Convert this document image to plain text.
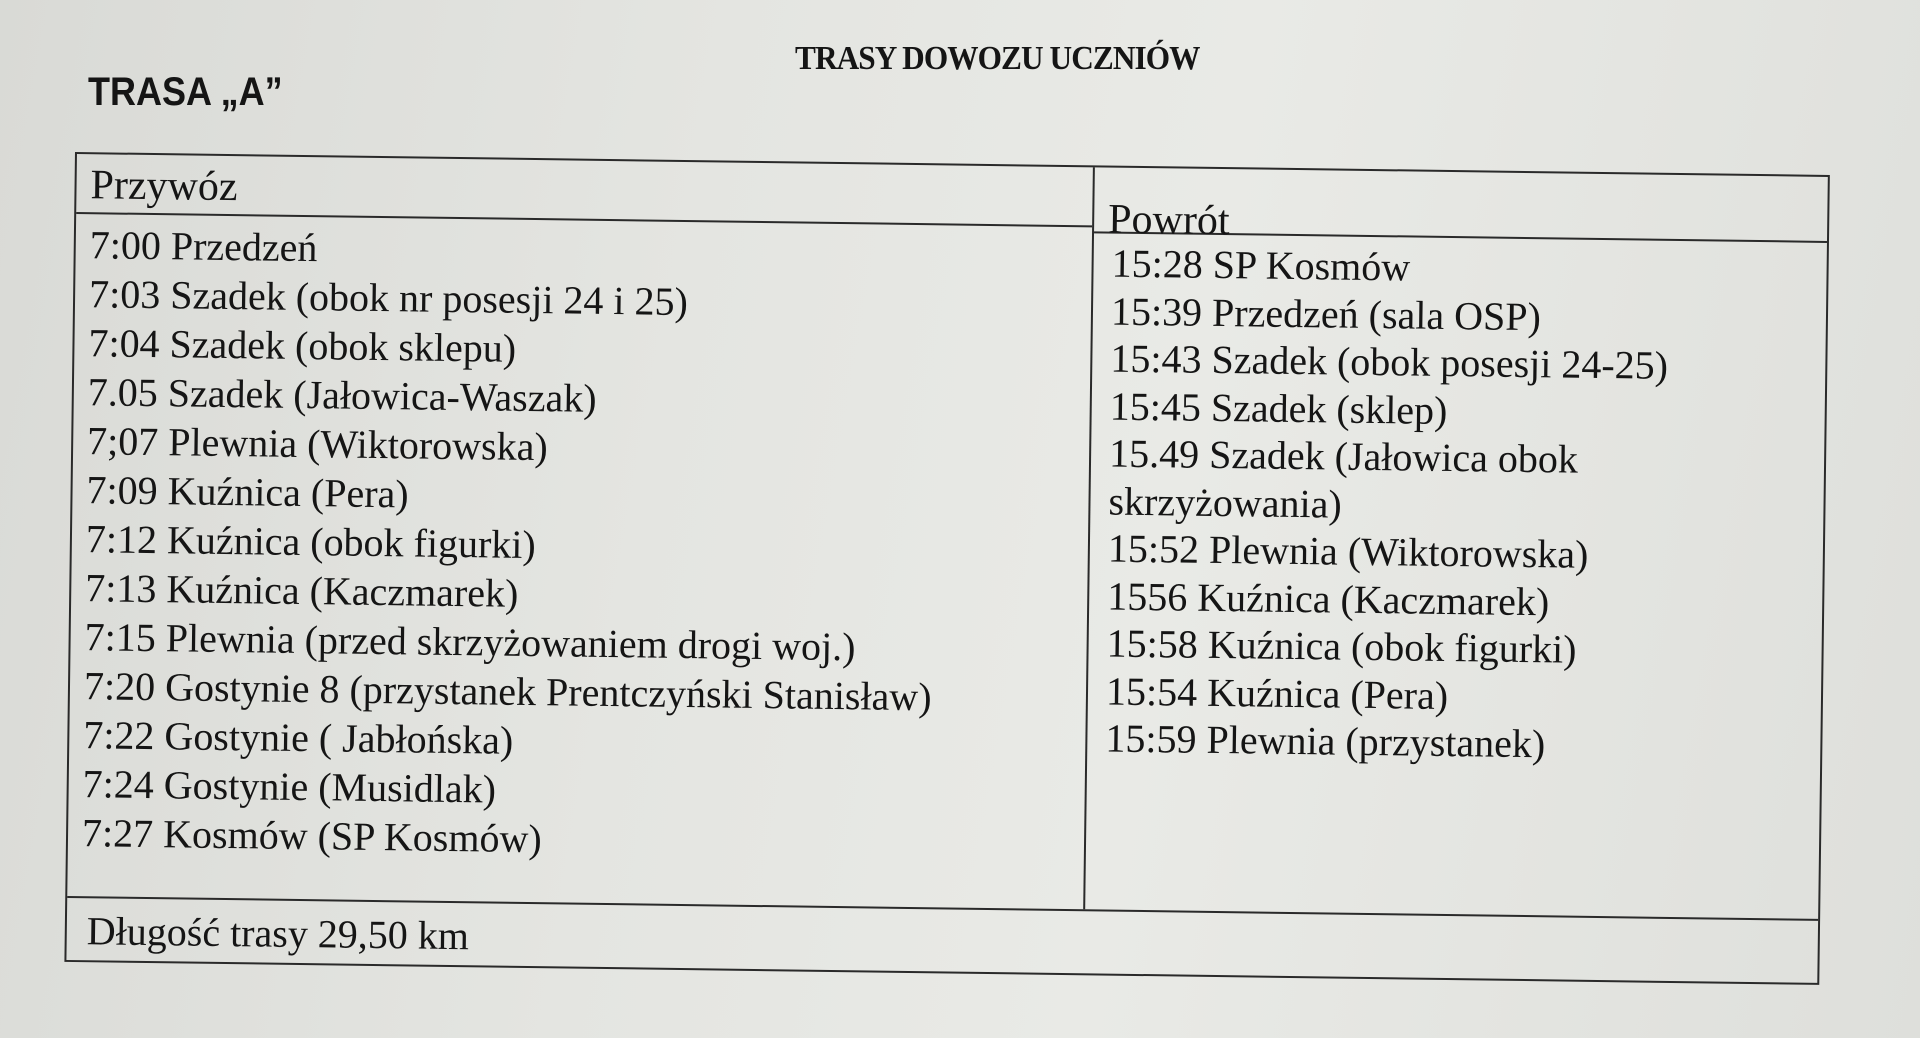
TRASY DOWOZU UCZNIÓW
TRASA „A”
Przywóz
7:00 Przedzeń
7:03 Szadek (obok nr posesji 24 i 25)
7:04 Szadek (obok sklepu)
7.05 Szadek (Jałowica-Waszak)
7;07 Plewnia (Wiktorowska)
7:09 Kuźnica (Pera)
7:12 Kuźnica (obok figurki)
7:13 Kuźnica (Kaczmarek)
7:15 Plewnia (przed skrzyżowaniem drogi woj.)
7:20 Gostynie 8 (przystanek Prentczyński Stanisław)
7:22 Gostynie ( Jabłońska)
7:24 Gostynie (Musidlak)
7:27 Kosmów (SP Kosmów)
Powrót
15:28 SP Kosmów
15:39 Przedzeń (sala OSP)
15:43 Szadek (obok posesji 24-25)
15:45 Szadek (sklep)
15.49 Szadek (Jałowica obok skrzyżowania)
15:52 Plewnia (Wiktorowska)
1556 Kuźnica (Kaczmarek)
15:58 Kuźnica (obok figurki)
15:54 Kuźnica (Pera)
15:59 Plewnia (przystanek)
Długość trasy 29,50 km
